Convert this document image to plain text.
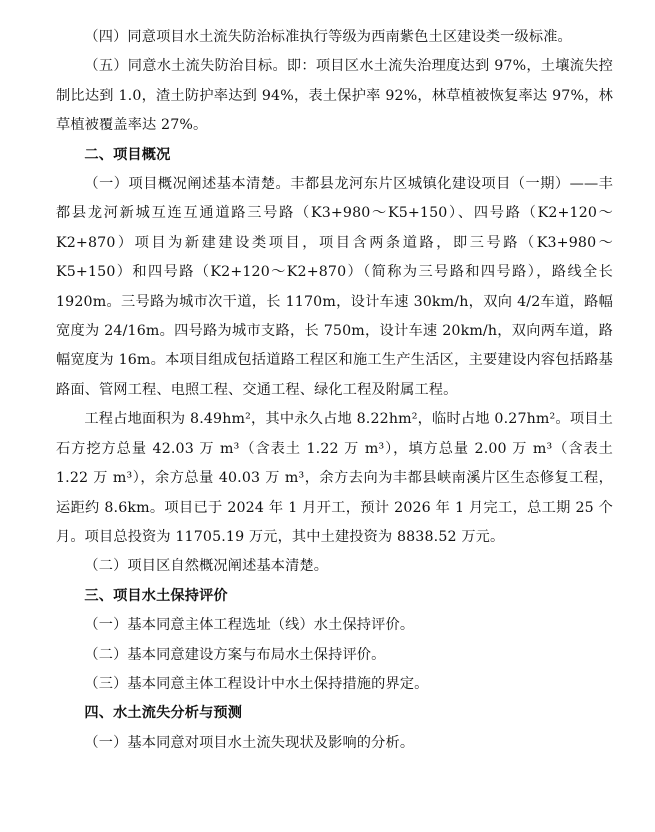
（四）同意项目水土流失防治标准执行等级为西南紫色土区建设类一级标准。

（五）同意水土流失防治目标。即：项目区水土流失治理度达到 97%，土壤流失控制比达到 1.0，渣土防护率达到 94%，表土保护率 92%，林草植被恢复率达 97%，林草植被覆盖率达 27%。

二、项目概况

（一）项目概况阐述基本清楚。丰都县龙河东片区城镇化建设项目（一期）——丰都县龙河新城互连互通道路三号路（K3+980～K5+150）、四号路（K2+120～K2+870）项目为新建建设类项目，项目含两条道路，即三号路（K3+980～K5+150）和四号路（K2+120～K2+870）（简称为三号路和四号路），路线全长 1920m。三号路为城市次干道，长 1170m，设计车速 30km/h，双向 4/2车道，路幅宽度为 24/16m。四号路为城市支路，长 750m，设计车速 20km/h，双向两车道，路幅宽度为 16m。本项目组成包括道路工程区和施工生产生活区，主要建设内容包括路基路面、管网工程、电照工程、交通工程、绿化工程及附属工程。

工程占地面积为 8.49hm²，其中永久占地 8.22hm²，临时占地 0.27hm²。项目土石方挖方总量 42.03 万 m³（含表土 1.22 万 m³），填方总量 2.00 万 m³（含表土 1.22 万 m³），余方总量 40.03 万 m³，余方去向为丰都县峡南溪片区生态修复工程，运距约 8.6km。项目已于 2024 年 1 月开工，预计 2026 年 1 月完工，总工期 25 个月。项目总投资为 11705.19 万元，其中土建投资为 8838.52 万元。

（二）项目区自然概况阐述基本清楚。

三、项目水土保持评价

（一）基本同意主体工程选址（线）水土保持评价。

（二）基本同意建设方案与布局水土保持评价。

（三）基本同意主体工程设计中水土保持措施的界定。

四、水土流失分析与预测

（一）基本同意对项目水土流失现状及影响的分析。
